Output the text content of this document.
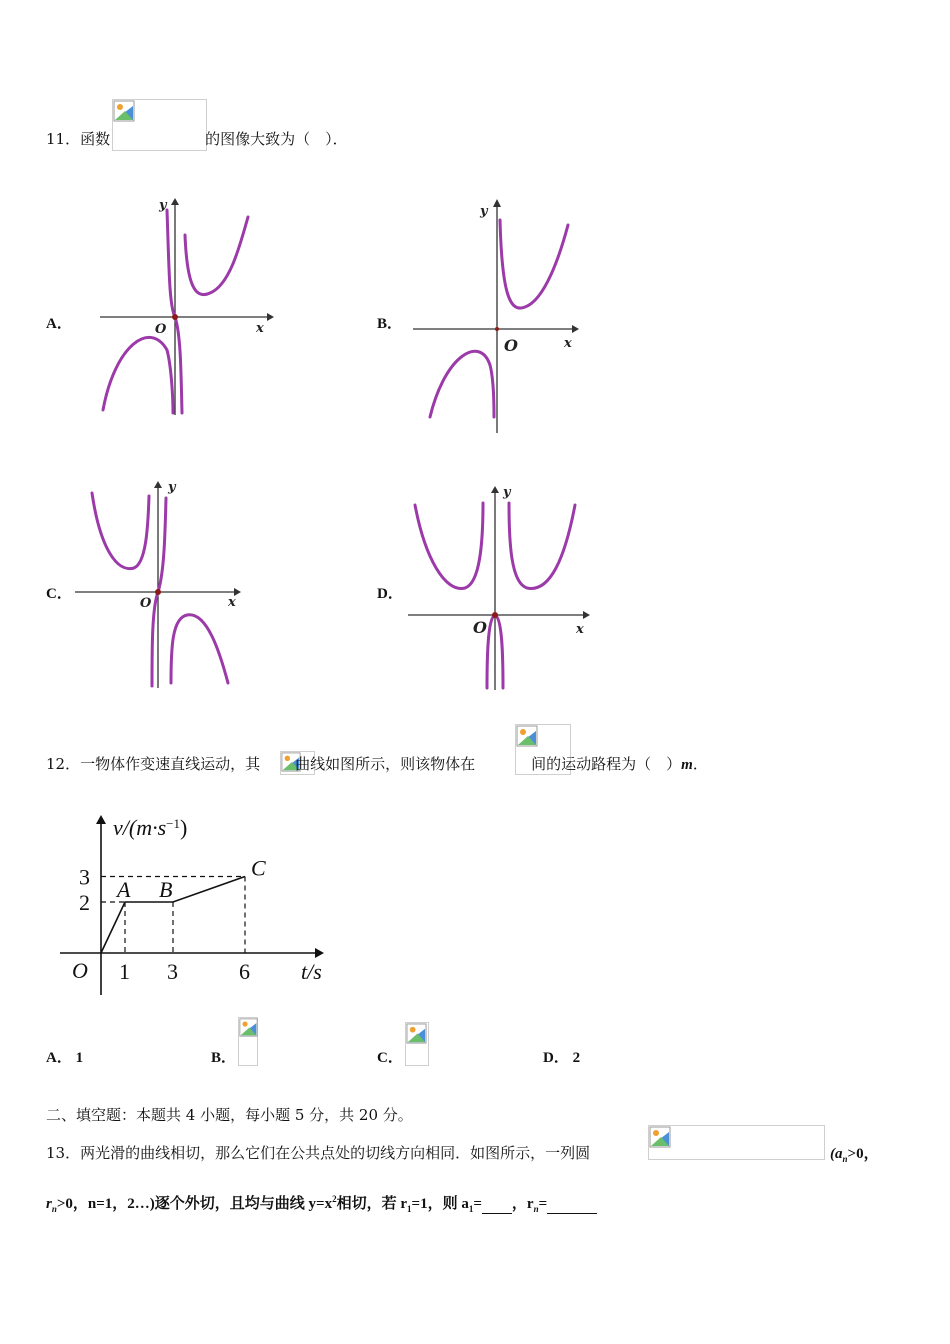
11．函数	的图像大致为（　）．
A．	O	x
y
B．
O	x
y
C．
O	x
y
D．
O	x
y
12．一物体作变速直线运动，其 曲线如图所示，则该物体在	间的运动路程为（　）m．
$v/(m\cdot s^{-1})$
t/s
O 1 3	6
2
3 A B
C
A． 1	B．	C．	D． 2
二、填空题：本题共 4 小题，每小题 5 分，共 20 分。
13．两光滑的曲线相切，那么它们在公共点处的切线方向相同．如图所示，一列圆	($a_n>0$，
$r_n>0$，n=1，2…)逐个外切，且均与曲线 $y=x^2$相切，若 $r_1=1$，则 $a_1=$ ，$r_n=$
